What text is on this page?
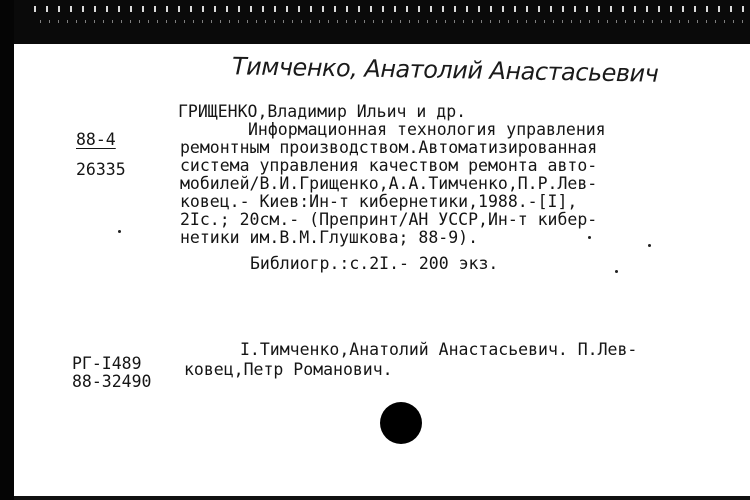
Тимченко, Анатолий Анастасьевич
88-4
26335
ГРИЩЕНКО,Владимир Ильич и др.
Информационная технология управления
ремонтным производством.Автоматизированная
система управления качеством ремонта авто-
мобилей/В.И.Грищенко,А.А.Тимченко,П.Р.Лев-
ковец.- Киев:Ин-т кибернетики,1988.-[I],
2Iс.; 20см.- (Препринт/АН УССР,Ин-т кибер-
нетики им.В.М.Глушкова; 88-9).
Библиогр.:с.2I.- 200 экз.
I.Тимченко,Анатолий Анастасьевич. П.Лев-
ковец,Петр Романович.
РГ-I489
88-32490
